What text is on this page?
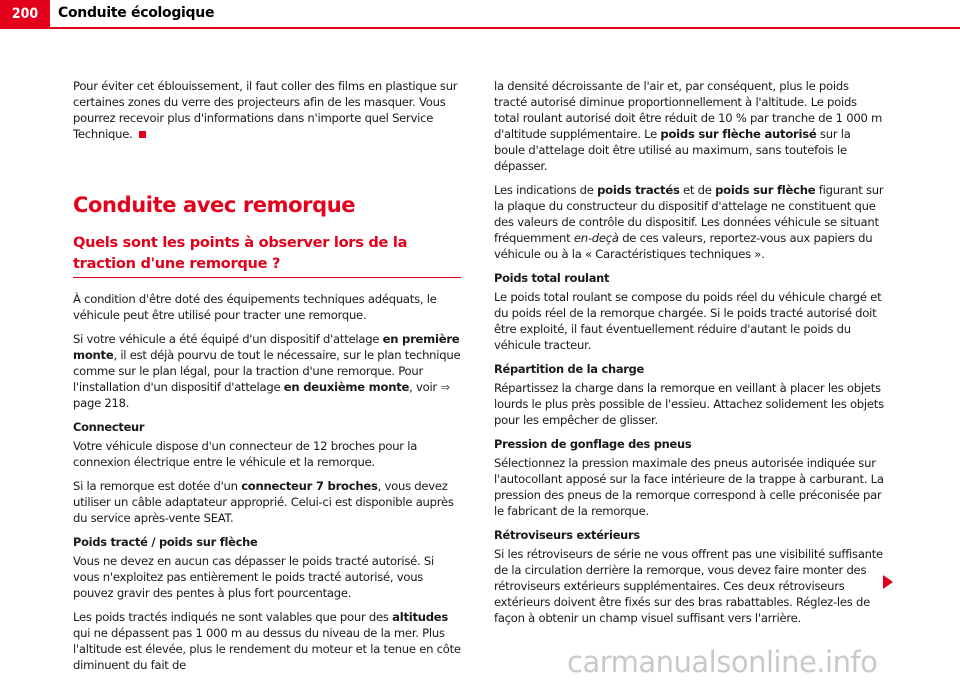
200	Conduite écologique

Pour éviter cet éblouissement, il faut coller des films en plastique sur certaines zones du verre des projecteurs afin de les masquer. Vous pourrez recevoir plus d'informations dans n'importe quel Service Technique.

Conduite avec remorque
Quels sont les points à observer lors de la traction d'une remorque ?

À condition d'être doté des équipements techniques adéquats, le véhicule peut être utilisé pour tracter une remorque.

Si votre véhicule a été équipé d'un dispositif d'attelage en première monte, il est déjà pourvu de tout le nécessaire, sur le plan technique comme sur le plan légal, pour la traction d'une remorque. Pour l'installation d'un dispositif d'attelage en deuxième monte, voir ⇒ page 218.

Connecteur

Votre véhicule dispose d'un connecteur de 12 broches pour la connexion électrique entre le véhicule et la remorque.

Si la remorque est dotée d'un connecteur 7 broches, vous devez utiliser un câble adaptateur approprié. Celui-ci est disponible auprès du service après-vente SEAT.

Poids tracté / poids sur flèche

Vous ne devez en aucun cas dépasser le poids tracté autorisé. Si vous n'exploitez pas entièrement le poids tracté autorisé, vous pouvez gravir des pentes à plus fort pourcentage.

Les poids tractés indiqués ne sont valables que pour des altitudes qui ne dépassent pas 1 000 m au dessus du niveau de la mer. Plus l'altitude est élevée, plus le rendement du moteur et la tenue en côte diminuent du fait de

la densité décroissante de l'air et, par conséquent, plus le poids tracté autorisé diminue proportionnellement à l'altitude. Le poids total roulant autorisé doit être réduit de 10 % par tranche de 1 000 m d'altitude supplémentaire. Le poids sur flèche autorisé sur la boule d'attelage doit être utilisé au maximum, sans toutefois le dépasser.

Les indications de poids tractés et de poids sur flèche figurant sur la plaque du constructeur du dispositif d'attelage ne constituent que des valeurs de contrôle du dispositif. Les données véhicule se situant fréquemment en-deçà de ces valeurs, reportez-vous aux papiers du véhicule ou à la « Caractéristiques techniques ».

Poids total roulant

Le poids total roulant se compose du poids réel du véhicule chargé et du poids réel de la remorque chargée. Si le poids tracté autorisé doit être exploité, il faut éventuellement réduire d'autant le poids du véhicule tracteur.

Répartition de la charge

Répartissez la charge dans la remorque en veillant à placer les objets lourds le plus près possible de l'essieu. Attachez solidement les objets pour les empêcher de glisser.

Pression de gonflage des pneus

Sélectionnez la pression maximale des pneus autorisée indiquée sur l'autocollant apposé sur la face intérieure de la trappe à carburant. La pression des pneus de la remorque correspond à celle préconisée par le fabricant de la remorque.

Rétroviseurs extérieurs

Si les rétroviseurs de série ne vous offrent pas une visibilité suffisante de la circulation derrière la remorque, vous devez faire monter des rétroviseurs extérieurs supplémentaires. Ces deux rétroviseurs extérieurs doivent être fixés sur des bras rabattables. Réglez-les de façon à obtenir un champ visuel suffisant vers l'arrière.

carmanualsonline.info
